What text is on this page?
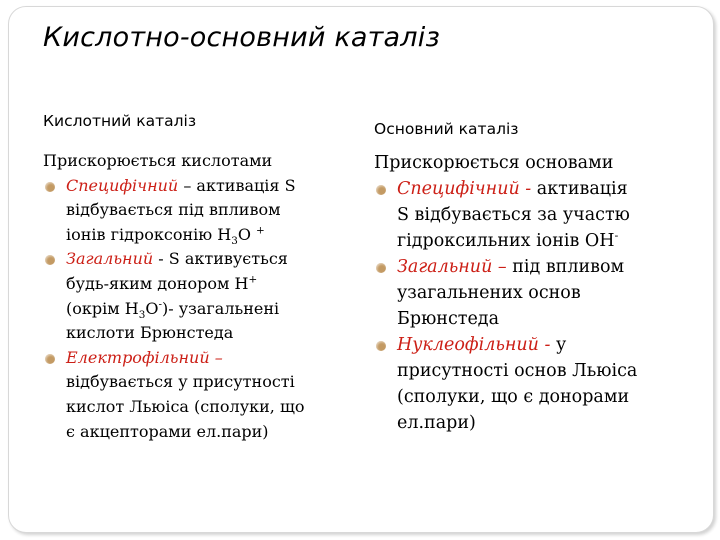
Кислотно-основний каталіз
Кислотний каталіз
Прискорюється кислотами
Специфічний – активація S
відбувається під впливом
іонів гідроксонію $H_3O$ +
Загальний - S активується
будь-яким донором H+
(окрім $H_3O^-)-$ узагальнені
кислоти Брюнстеда
Електрофільний –
відбувається у присутності
кислот Льюіса (сполуки, що
є акцепторами ел.пари)
Основний каталіз
Прискорюється основами
Специфічний - активація
S відбувається за участю
гідроксильних іонів OH-
Загальний – під впливом
узагальнених основ
Брюнстеда
Нуклеофільний - у
присутності основ Льюіса
(сполуки, що є донорами
ел.пари)
